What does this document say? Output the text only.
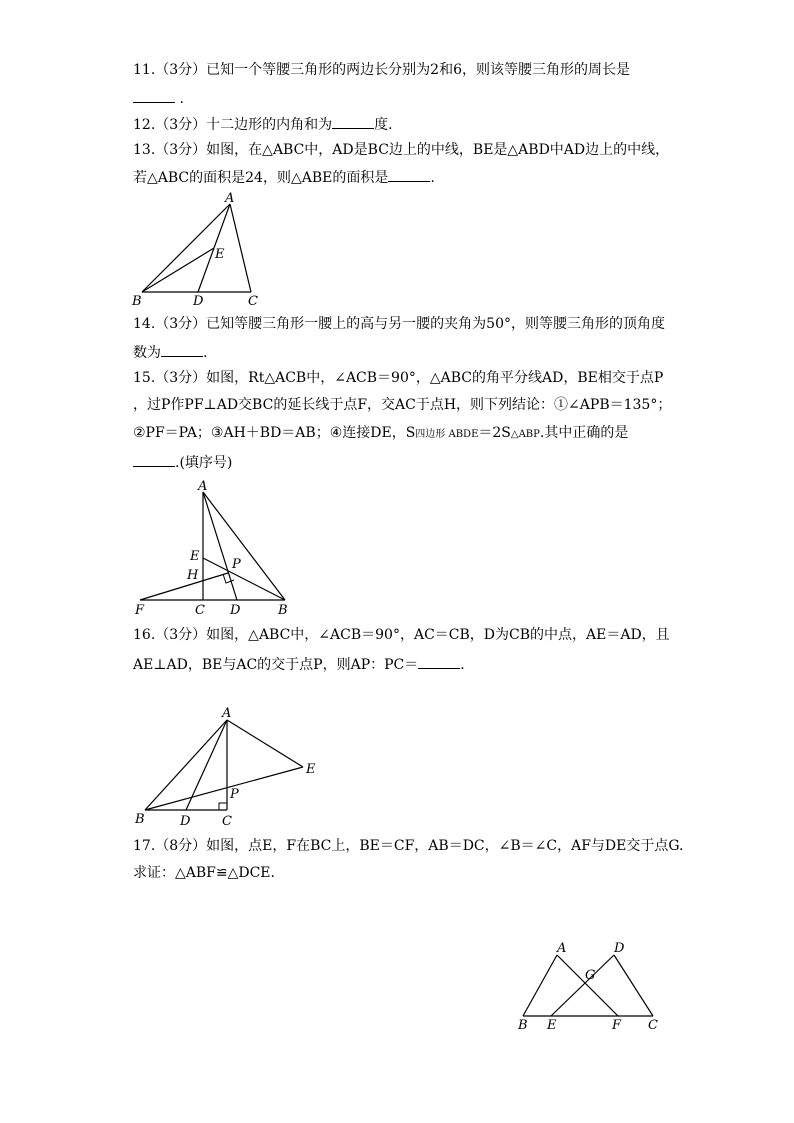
11.（3分）已知一个等腰三角形的两边长分别为2和6，则该等腰三角形的周长是
.
12.（3分）十二边形的内角和为	度.
13.（3分）如图，在△ABC中，AD是BC边上的中线，BE是△ABD中AD边上的中线，
若△ABC的面积是24，则△ABE的面积是	.
A
E
B	D	C
14.（3分）已知等腰三角形一腰上的高与另一腰的夹角为50°，则等腰三角形的顶角度
数为	.
15.（3分）如图，Rt△ACB中，∠ACB＝90°，△ABC的角平分线AD，BE相交于点P
，过P作PF⊥AD交BC的延长线于点F，交AC于点H，则下列结论：①∠APB＝135°；
②PF＝PA；③AH＋BD＝AB；④连接DE，S四边形 ABDE＝2S△ABP.其中正确的是
.(填序号)
A
E
H
P
F	C D	B
16.（3分）如图，△ABC中，∠ACB＝90°，AC＝CB，D为CB的中点，AE＝AD，且
AE⊥AD，BE与AC的交于点P，则AP：PC＝	.
A
E
P
B	D C
17.（8分）如图，点E，F在BC上，BE＝CF，AB＝DC，∠B＝∠C，AF与DE交于点G.
求证：△ABF≌△DCE.
A	D
G
B E	F C
